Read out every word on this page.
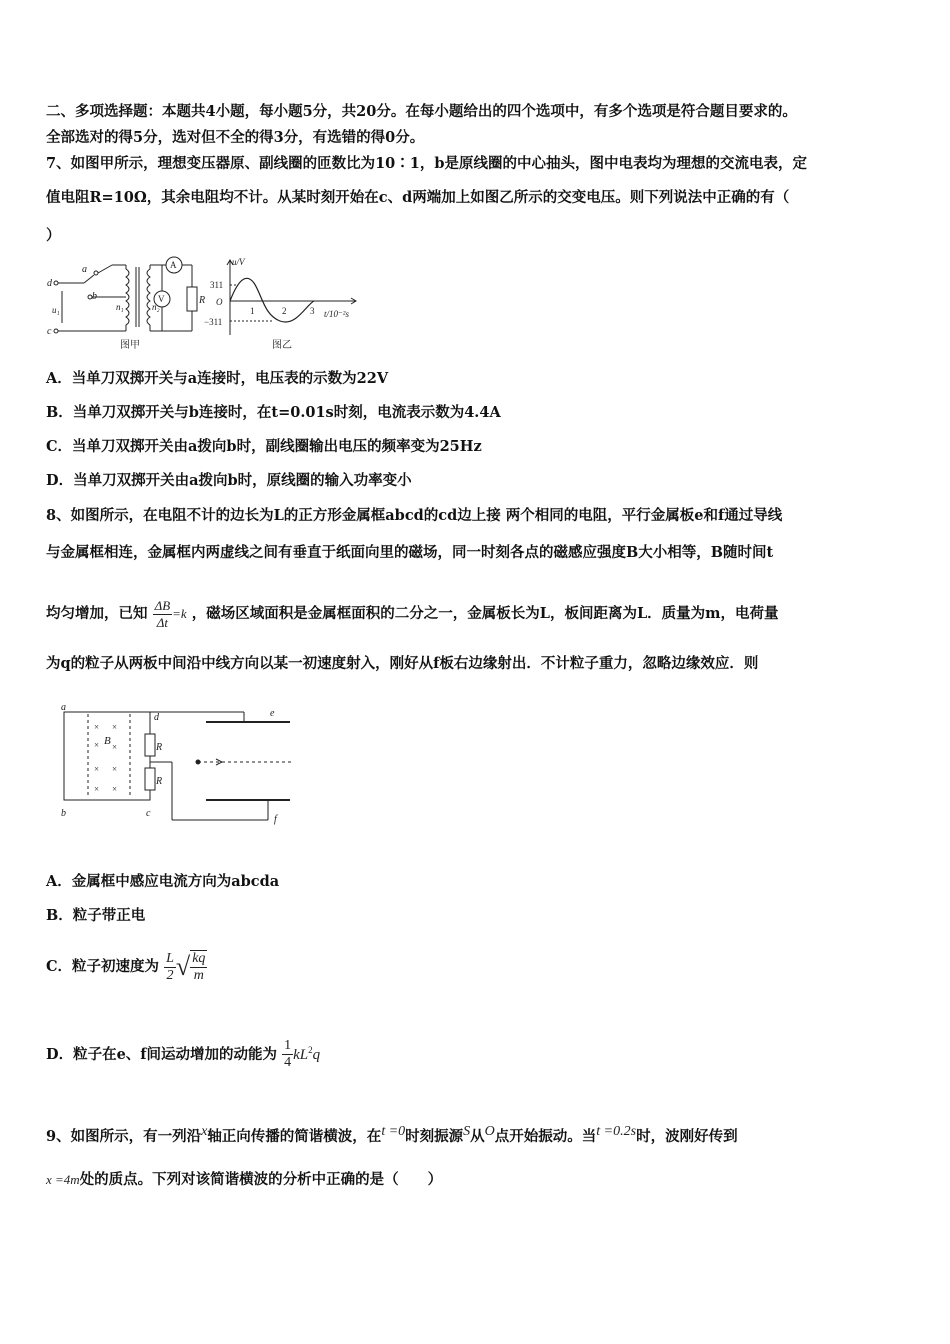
二、多项选择题：本题共4小题，每小题5分，共20分。在每小题给出的四个选项中，有多个选项是符合题目要求的。
全部选对的得5分，选对但不全的得3分，有选错的得0分。
7、如图甲所示，理想变压器原、副线圈的匝数比为10∶1，b是原线圈的中心抽头，图中电表均为理想的交流电表，定
值电阻R=10Ω，其余电阻均不计。从某时刻开始在c、d两端加上如图乙所示的交变电压。则下列说法中正确的有（
）
d
c
a
b
u₁	n₁	n₂
R
A
V
图甲
u/V
311
O
−311
1	2	3 t/10⁻²s
图乙
A．当单刀双掷开关与a连接时，电压表的示数为22V
B．当单刀双掷开关与b连接时，在t=0.01s时刻，电流表示数为4.4A
C．当单刀双掷开关由a拨向b时，副线圈输出电压的频率变为25Hz
D．当单刀双掷开关由a拨向b时，原线圈的输入功率变小
8、如图所示，在电阻不计的边长为L的正方形金属框abcd的cd边上接 两个相同的电阻，平行金属板e和f通过导线
与金属框相连，金属框内两虚线之间有垂直于纸面向里的磁场，同一时刻各点的磁感应强度B大小相等，B随时间t
均匀增加，已知 $\frac{\Delta B}{\Delta t} =k$ ，磁场区域面积是金属框面积的二分之一，金属板长为L，板间距离为L．质量为m，电荷量
为q的粒子从两板中间沿中线方向以某一初速度射入，刚好从f板右边缘射出．不计粒子重力，忽略边缘效应．则
a
b	c
d	e
f
B
R
R
× ×
× ×
× ×
× ×
A．金属框中感应电流方向为abcda
B．粒子带正电
C．粒子初速度为 $\frac{L}{2}$ √ $\frac{kq}{m}$
D．粒子在e、f间运动增加的动能为 $\frac{1}{4} kL^2q$
9、如图所示，有一列沿$^x$轴正向传播的简谐横波，在$^{t =0}$时刻振源$^S$从$^O$点开始振动。当$^{t =0.2s}$时，波刚好传到
x =4m处的质点。下列对该简谐横波的分析中正确的是（　　）
